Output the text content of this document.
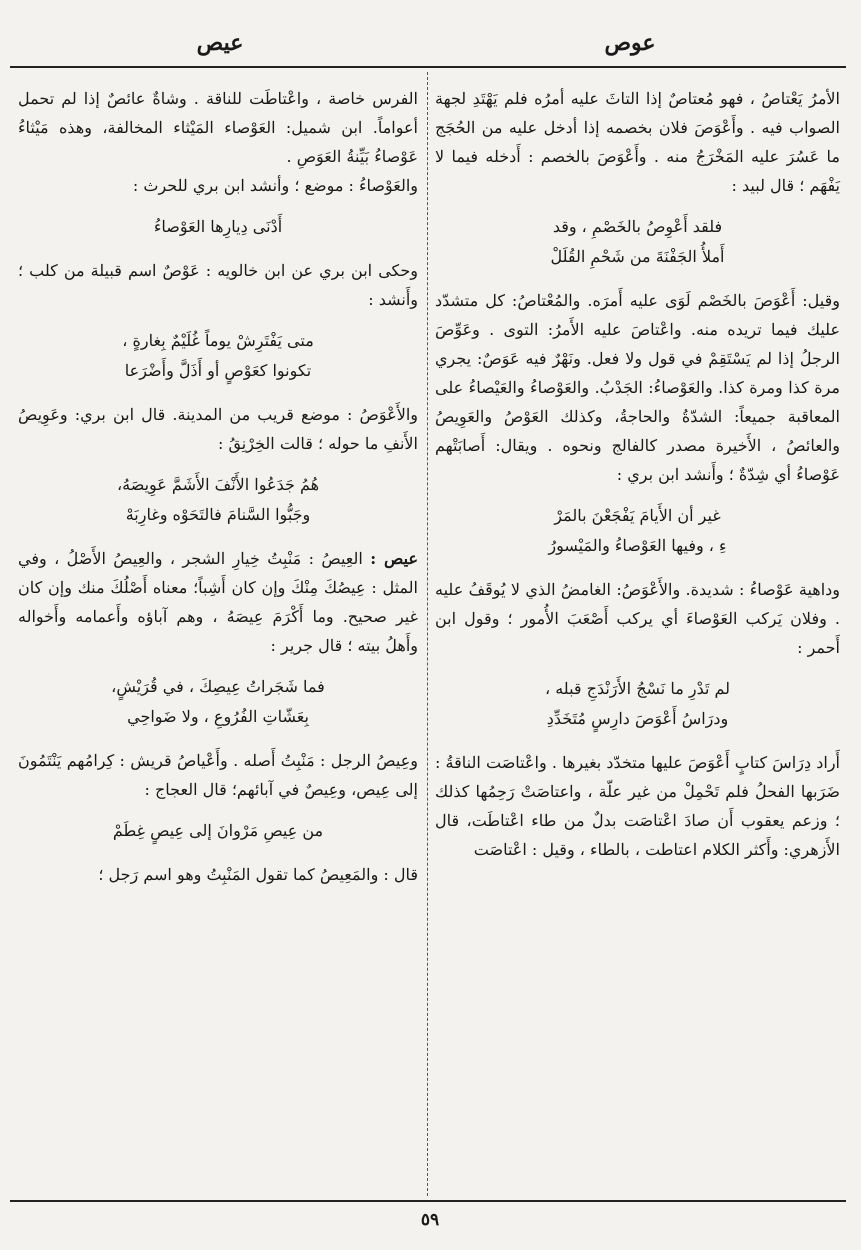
عوص
عيص

الأمرُ يَعْتاصُ ، فهو مُعتاصٌ إذا التاثَ عليه أمرُه فلم يَهْتَدِ لجهة الصواب فيه . وأَعْوَصَ فلان بخصمه إذا أدخل عليه من الحُجَج ما عَسُرَ عليه المَخْرَجُ منه . وأَعْوَصَ بالخصم : أَدخله فيما لا يَفْهَم ؛ قال لبيد :

فلقد أَعْوِصُ بالخَصْمِ ، وقد
أَملأُ الجَفْنَةَ من شَحْمِ القُلَلْ

وقيل: أَعْوَصَ بالخَصْم لَوَى عليه أَمرَه. والمُعْتاصُ: كل متشدّد عليك فيما تريده منه. واعْتاصَ عليه الأَمرُ: التوى . وعَوِّصَ الرجلُ إذا لم يَسْتَقِمْ في قول ولا فعل. ونَهْرٌ فيه عَوَصٌ: يجري مرة كذا ومرة كذا. والعَوْصاءُ: الجَدْبُ. والعَوْصاءُ والعَيْصاءُ على المعاقبة جميعاً: الشدّةُ والحاجةُ، وكذلك العَوْصُ والعَوِيصُ والعائصُ ، الأَخيرة مصدر كالفالج ونحوه . ويقال: أَصابَتْهم عَوْصاءُ أي شِدّةٌ ؛ وأَنشد ابن بري :

غير أن الأَيامَ يَفْجَعْنَ بالمَرْ
ءِ ، وفيها العَوْصاءُ والمَيْسورُ

وداهية عَوْصاءُ : شديدة. والأَعْوَصُ: الغامضُ الذي لا يُوقَفُ عليه . وفلان يَركب العَوْصاءَ أي يركب أَصْعَبَ الأُمور ؛ وقول ابن أَحمر :

لم تَدْرِ ما نَسْجُ الأَرَنْدَجِ قبله ،
ودرَاسُ أَعْوَصَ دارِسٍ مُتَخَدِّدِ

أَراد دِرَاسَ كتابٍ أَعْوَصَ عليها متخدّد بغيرها . واعْتاصَت الناقةُ : ضَرَبها الفحلُ فلم تَحْمِلْ من غير علّة ، واعتاصَتْ رَحِمُها كذلك ؛ وزعم يعقوب أَن صادَ اعْتاصَت بدلٌ من طاء اعْتاطَت، قال الأَزهري: وأَكثر الكلام اعتاطت ، بالطاء ، وقيل : اعْتاصَت

الفرس خاصة ، واعْتاطَت للناقة . وشاةٌ عائصٌ إذا لم تحمل أعواماً. ابن شميل: العَوْصاء المَيْثاء المخالفة، وهذه مَيْثاءُ عَوْصاءُ بَيِّنةُ العَوَصِ .

والعَوْصاءُ : موضع ؛ وأنشد ابن بري للحرث :

أَدْنَى دِيارِها العَوْصاءُ

وحكى ابن بري عن ابن خالويه : عَوْصٌ اسم قبيلة من كلب ؛ وأَنشد :

متى يَفْتَرِشْ يوماً غُلَيْمٌ بِغارةٍ ،
تكونوا كعَوْصٍ أو أَذَلَّ وأَضْرَعا

والأَعْوَصُ : موضع قريب من المدينة. قال ابن بري: وعَوِيصُ الأَنفِ ما حوله ؛ قالت الخِرْنِقُ :

هُمُ جَدَعُوا الأَنْفَ الأَشَمَّ عَوِيصَهُ،
وجَبُّوا السَّنامَ فالتَحَوْه وغارِبَهْ

عيص : العِيصُ : مَنْبِتُ خِيارِ الشجر ، والعِيصُ الأَصْلُ ، وفي المثل : عِيصُكَ مِنْكَ وإن كان أَشِباً؛ معناه أَصْلُكَ منك وإن كان غير صحيح. وما أَكْرَمَ عِيصَهُ ، وهم آباؤه وأَعمامه وأَخواله وأَهلُ بيته ؛ قال جرير :

فما شَجَراتُ عِيصِكَ ، في قُرَيْشٍ،
بِعَشّاتِ الفُرُوعِ ، ولا ضَواحِي

وعِيصُ الرجل : مَنْبِتُ أَصله . وأَعْياصُ قريش : كِرامُهم يَنْتَمُونَ إلى عِيص، وعِيصٌ في آبائهم؛ قال العجاج :

من عِيصِ مَرْوانَ إلى عِيصٍ غِطَمْ

قال : والمَعِيصُ كما تقول المَنْبِتُ وهو اسم رَجل ؛

٥٩
